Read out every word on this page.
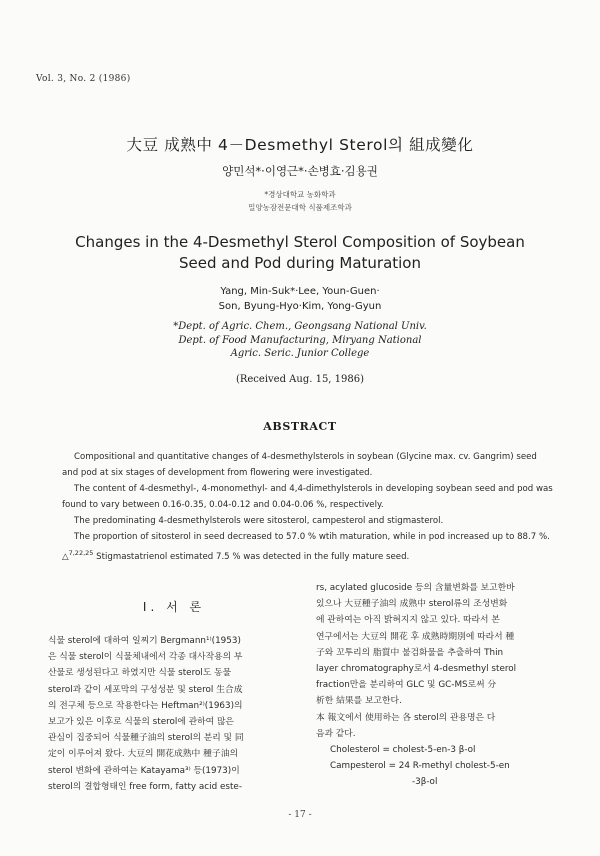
Vol. 3, No. 2 (1986)
大豆 成熟中 4－Desmethyl Sterol의 組成變化
양민석*·이영근*·손병효·김용권
*경상대학교 농화학과
밀양농잠전문대학 식품제조학과
Changes in the 4-Desmethyl Sterol Composition of Soybean
Seed and Pod during Maturation
Yang, Min-Suk*·Lee, Youn-Guen·
Son, Byung-Hyo·Kim, Yong-Gyun
*Dept. of Agric. Chem., Geongsang National Univ.
Dept. of Food Manufacturing, Miryang National
Agric. Seric. Junior College
(Received Aug. 15, 1986)
ABSTRACT

Compositional and quantitative changes of 4-desmethylsterols in soybean (Glycine max. cv. Gangrim) seed and pod at six stages of development from flowering were investigated.

The content of 4-desmethyl-, 4-monomethyl- and 4,4-dimethylsterols in developing soybean seed and pod was found to vary between 0.16-0.35, 0.04-0.12 and 0.04-0.06 %, respectively.

The predominating 4-desmethylsterols were sitosterol, campesterol and stigmasterol.

The proportion of sitosterol in seed decreased to 57.0 % wtih maturation, while in pod increased up to 88.7 %.

△$^{7,22,25}$ Stigmastatrienol estimated 7.5 % was detected in the fully mature seed.

I. 서 론

식물 sterol에 대하여 일찌기 Bergmann¹⁾(1953)

은 식물 sterol이 식물체내에서 각종 대사작용의 부

산물로 생성된다고 하였지만 식물 sterol도 동물

sterol과 같이 세포막의 구성성분 및 sterol 生合成

의 전구체 등으로 작용한다는 Heftman²⁾(1963)의

보고가 있은 이후로 식물의 sterol에 관하여 많은

관심이 집중되어 식물種子油의 sterol의 분리 및 同

定이 이루어져 왔다. 大豆의 開花成熟中 種子油의

sterol 변화에 관하여는 Katayama³⁾ 등(1973)이

sterol의 결합형태인 free form, fatty acid este-

rs, acylated glucoside 등의 含量변화를 보고한바

있으나 大豆種子油의 成熟中 sterol류의 조성변화

에 관하여는 아직 밝혀지지 않고 있다. 따라서 본

연구에서는 大豆의 開花 후 成熟時期別에 따라서 種

子와 꼬투리의 脂質中 불검화물을 추출하여 Thin

layer chromatography로서 4-desmethyl sterol

fraction만을 분리하여 GLC 및 GC-MS로써 分

析한 結果를 보고한다.

本 報文에서 使用하는 各 sterol의 관용명은 다

음과 같다.

Cholesterol = cholest-5-en-3 β-ol

Campesterol = 24 R-methyl cholest-5-en

-3β-ol

- 17 -
